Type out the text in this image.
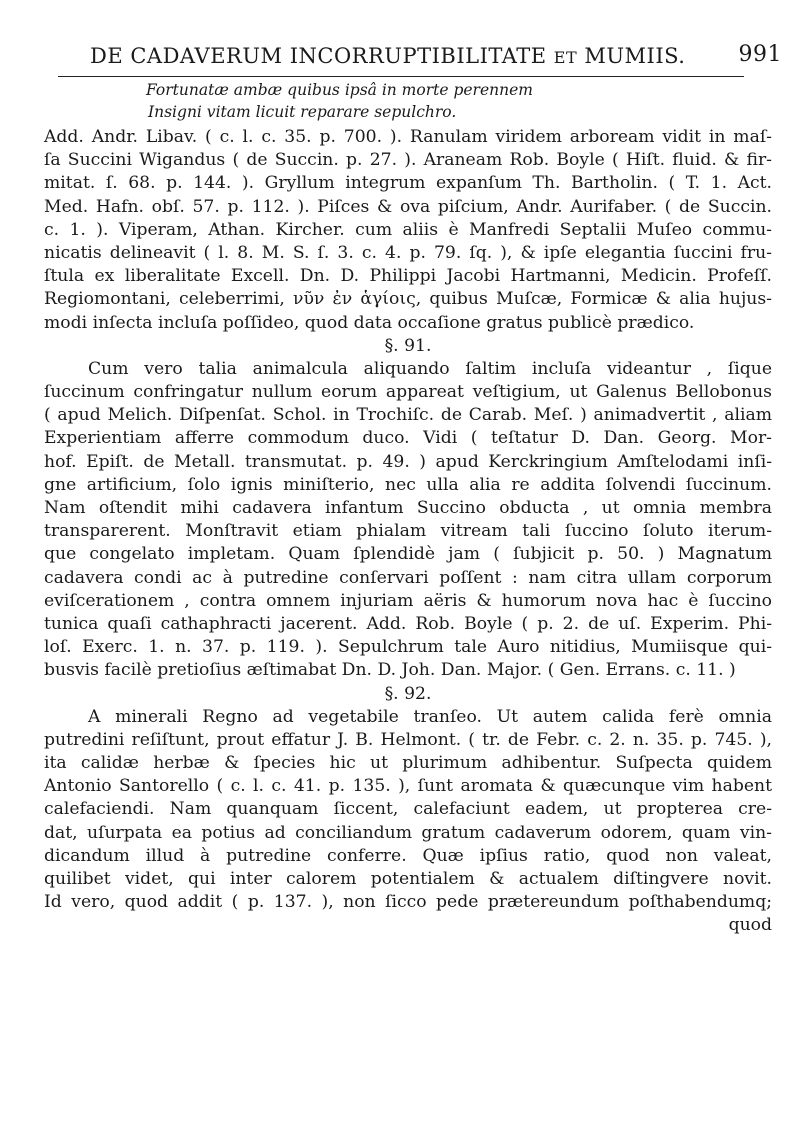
DE CADAVERUM INCORRUPTIBILITATE ET MUMIIS. 991
Fortunatæ ambæ quibus ipsâ in morte perennem
Insigni vitam licuit reparare sepulchro.
Add. Andr. Libav. ( c. l. c. 35. p. 700. ). Ranulam viridem arboream vidit in maſ-
ſa Succini Wigandus ( de Succin. p. 27. ). Araneam Rob. Boyle ( Hiſt. fluid. & fir-
mitat. ſ. 68. p. 144. ). Gryllum integrum expanſum Th. Bartholin. ( T. 1. Act.
Med. Hafn. obſ. 57. p. 112. ). Piſces & ova piſcium, Andr. Aurifaber. ( de Succin.
c. 1. ). Viperam, Athan. Kircher. cum aliis è Manfredi Septalii Muſeo commu-
nicatis delineavit ( l. 8. M. S. ſ. 3. c. 4. p. 79. ſq. ), & ipſe elegantia ſuccini fru-
ſtula ex liberalitate Excell. Dn. D. Philippi Jacobi Hartmanni, Medicin. Profeſſ.
Regiomontani, celeberrimi, νῦν ἐν ἁγίοις, quibus Muſcæ, Formicæ & alia hujus-
modi inſecta incluſa poſſideo, quod data occaſione gratus publicè prædico.
§. 91.
Cum vero talia animalcula aliquando ſaltim incluſa videantur , ſique
ſuccinum confringatur nullum eorum appareat veſtigium, ut Galenus Bellobonus
( apud Melich. Diſpenſat. Schol. in Trochiſc. de Carab. Meſ. ) animadvertit , aliam
Experientiam afferre commodum duco. Vidi ( teſtatur D. Dan. Georg. Mor-
hof. Epiſt. de Metall. transmutat. p. 49. ) apud Kerckringium Amſtelodami inſi-
gne artificium, ſolo ignis miniſterio, nec ulla alia re addita ſolvendi ſuccinum.
Nam oſtendit mihi cadavera infantum Succino obducta , ut omnia membra
transparerent. Monſtravit etiam phialam vitream tali ſuccino ſoluto iterum-
que congelato impletam. Quam ſplendidè jam ( ſubjicit p. 50. ) Magnatum
cadavera condi ac à putredine conſervari poſſent : nam citra ullam corporum
eviſcerationem , contra omnem injuriam aëris & humorum nova hac è ſuccino
tunica quaſi cathaphracti jacerent. Add. Rob. Boyle ( p. 2. de uſ. Experim. Phi-
loſ. Exerc. 1. n. 37. p. 119. ). Sepulchrum tale Auro nitidius, Mumiisque qui-
busvis facilè pretioſius æſtimabat Dn. D. Joh. Dan. Major. ( Gen. Errans. c. 11. )
§. 92.
A minerali Regno ad vegetabile tranſeo. Ut autem calida ferè omnia
putredini reſiſtunt, prout effatur J. B. Helmont. ( tr. de Febr. c. 2. n. 35. p. 745. ),
ita calidæ herbæ & ſpecies hic ut plurimum adhibentur. Suſpecta quidem
Antonio Santorello ( c. l. c. 41. p. 135. ), ſunt aromata & quæcunque vim habent
calefaciendi. Nam quanquam ſiccent, calefaciunt eadem, ut propterea cre-
dat, uſurpata ea potius ad conciliandum gratum cadaverum odorem, quam vin-
dicandum illud à putredine conferre. Quæ ipſius ratio, quod non valeat,
quilibet videt, qui inter calorem potentialem & actualem diſtingvere novit.
Id vero, quod addit ( p. 137. ), non ſicco pede prætereundum poſthabendumq;
quod
